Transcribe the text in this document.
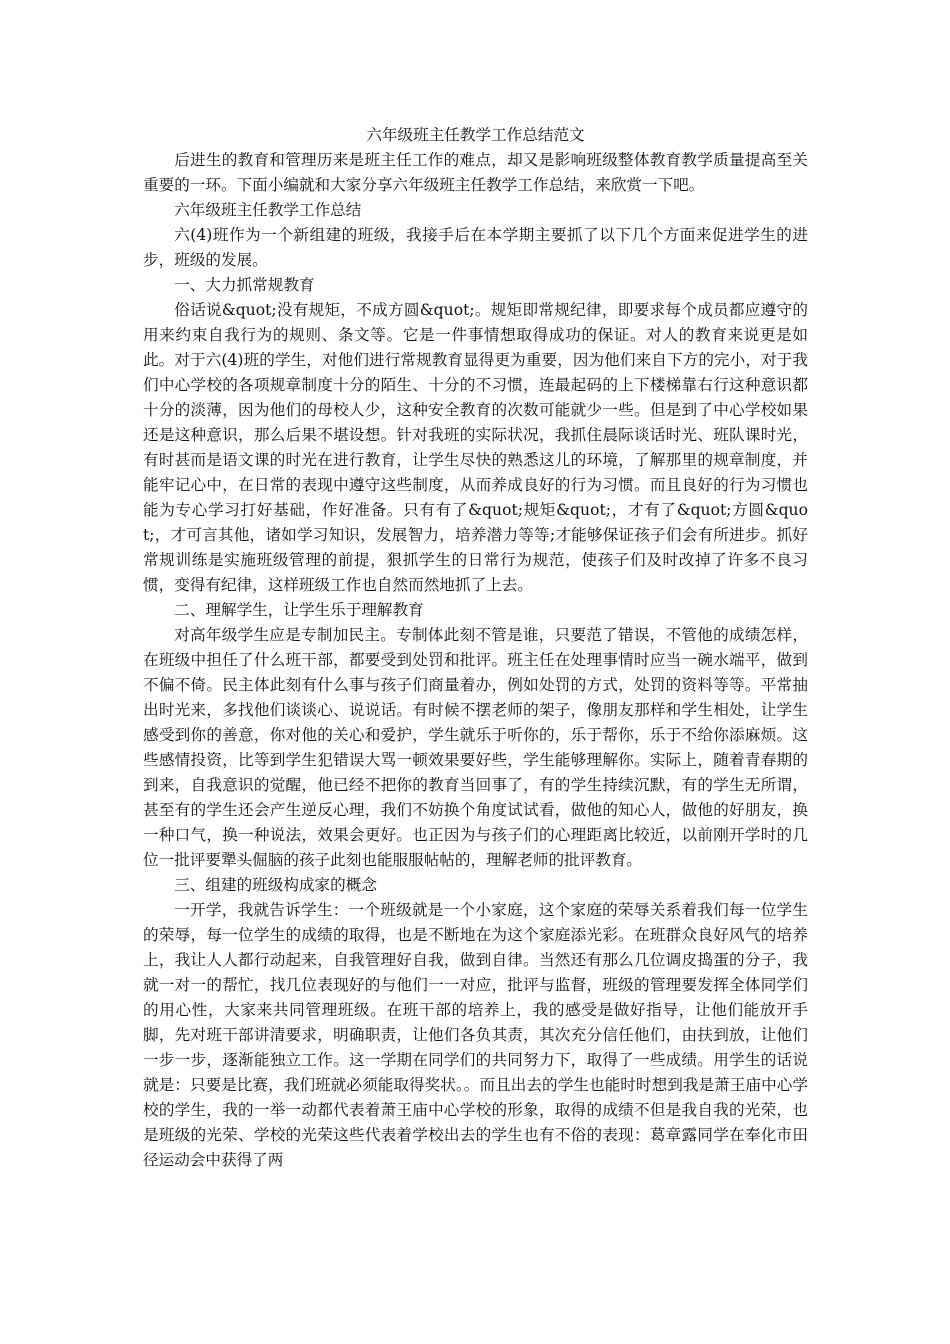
六年级班主任教学工作总结范文

后进生的教育和管理历来是班主任工作的难点，却又是影响班级整体教育教学质量提高至关重要的一环。下面小编就和大家分享六年级班主任教学工作总结，来欣赏一下吧。

六年级班主任教学工作总结

六(4)班作为一个新组建的班级，我接手后在本学期主要抓了以下几个方面来促进学生的进步，班级的发展。

一、大力抓常规教育

俗话说&quot;没有规矩，不成方圆&quot;。规矩即常规纪律，即要求每个成员都应遵守的用来约束自我行为的规则、条文等。它是一件事情想取得成功的保证。对人的教育来说更是如此。对于六(4)班的学生，对他们进行常规教育显得更为重要，因为他们来自下方的完小，对于我们中心学校的各项规章制度十分的陌生、十分的不习惯，连最起码的上下楼梯靠右行这种意识都十分的淡薄，因为他们的母校人少，这种安全教育的次数可能就少一些。但是到了中心学校如果还是这种意识，那么后果不堪设想。针对我班的实际状况，我抓住晨际谈话时光、班队课时光，有时甚而是语文课的时光在进行教育，让学生尽快的熟悉这儿的环境，了解那里的规章制度，并能牢记心中，在日常的表现中遵守这些制度，从而养成良好的行为习惯。而且良好的行为习惯也能为专心学习打好基础，作好准备。只有有了&quot;规矩&quot;，才有了&quot;方圆&quot;，才可言其他，诸如学习知识，发展智力，培养潜力等等;才能够保证孩子们会有所进步。抓好常规训练是实施班级管理的前提，狠抓学生的日常行为规范，使孩子们及时改掉了许多不良习惯，变得有纪律，这样班级工作也自然而然地抓了上去。

二、理解学生，让学生乐于理解教育

对高年级学生应是专制加民主。专制体此刻不管是谁，只要范了错误，不管他的成绩怎样，在班级中担任了什么班干部，都要受到处罚和批评。班主任在处理事情时应当一碗水端平，做到不偏不倚。民主体此刻有什么事与孩子们商量着办，例如处罚的方式，处罚的资料等等。平常抽出时光来，多找他们谈谈心、说说话。有时候不摆老师的架子，像朋友那样和学生相处，让学生感受到你的善意，你对他的关心和爱护，学生就乐于听你的，乐于帮你，乐于不给你添麻烦。这些感情投资，比等到学生犯错误大骂一顿效果要好些，学生能够理解你。实际上，随着青春期的到来，自我意识的觉醒，他已经不把你的教育当回事了，有的学生持续沉默，有的学生无所谓，甚至有的学生还会产生逆反心理，我们不妨换个角度试试看，做他的知心人，做他的好朋友，换一种口气，换一种说法，效果会更好。也正因为与孩子们的心理距离比较近，以前刚开学时的几位一批评要犟头倔脑的孩子此刻也能服服帖帖的，理解老师的批评教育。

三、组建的班级构成家的概念

一开学，我就告诉学生：一个班级就是一个小家庭，这个家庭的荣辱关系着我们每一位学生的荣辱，每一位学生的成绩的取得，也是不断地在为这个家庭添光彩。在班群众良好风气的培养上，我让人人都行动起来，自我管理好自我，做到自律。当然还有那么几位调皮捣蛋的分子，我就一对一的帮忙，找几位表现好的与他们一一对应，批评与监督，班级的管理要发挥全体同学们的用心性，大家来共同管理班级。在班干部的培养上，我的感受是做好指导，让他们能放开手脚，先对班干部讲清要求，明确职责，让他们各负其责，其次充分信任他们，由扶到放，让他们一步一步，逐渐能独立工作。这一学期在同学们的共同努力下，取得了一些成绩。用学生的话说就是：只要是比赛，我们班就必须能取得奖状。。而且出去的学生也能时时想到我是萧王庙中心学校的学生，我的一举一动都代表着萧王庙中心学校的形象，取得的成绩不但是我自我的光荣，也是班级的光荣、学校的光荣这些代表着学校出去的学生也有不俗的表现：葛章露同学在奉化市田径运动会中获得了两
